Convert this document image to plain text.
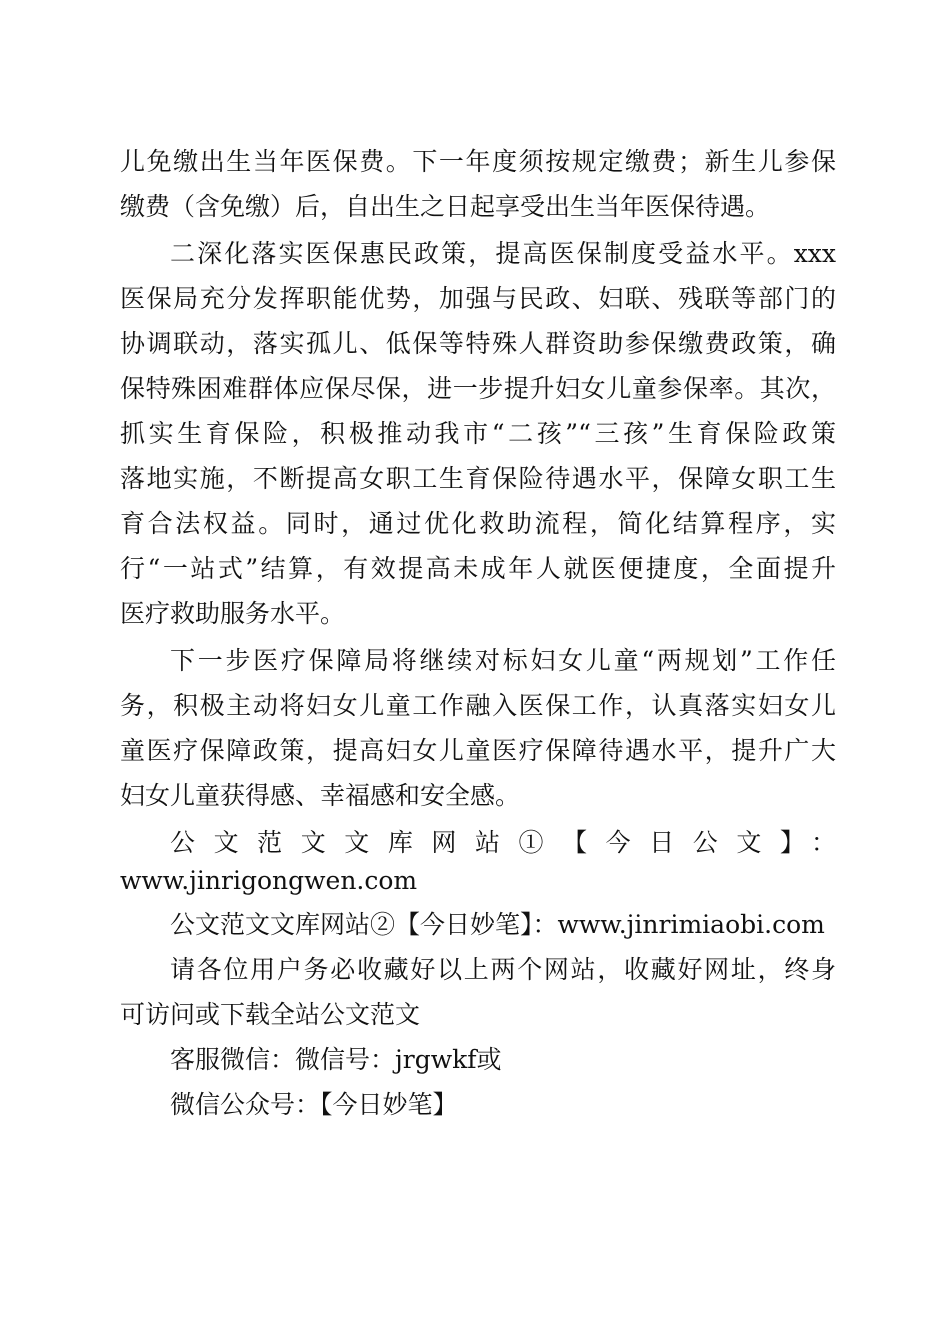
儿免缴出生当年医保费。下一年度须按规定缴费；新生儿参保
缴费（含免缴）后，自出生之日起享受出生当年医保待遇。
二深化落实医保惠民政策，提高医保制度受益水平。xxx
医保局充分发挥职能优势，加强与民政、妇联、残联等部门的
协调联动，落实孤儿、低保等特殊人群资助参保缴费政策，确
保特殊困难群体应保尽保，进一步提升妇女儿童参保率。其次，
抓实生育保险，积极推动我市“二孩”“三孩”生育保险政策
落地实施，不断提高女职工生育保险待遇水平，保障女职工生
育合法权益。同时，通过优化救助流程，简化结算程序，实
行“一站式”结算，有效提高未成年人就医便捷度，全面提升
医疗救助服务水平。
下一步医疗保障局将继续对标妇女儿童“两规划”工作任
务，积极主动将妇女儿童工作融入医保工作，认真落实妇女儿
童医疗保障政策，提高妇女儿童医疗保障待遇水平，提升广大
妇女儿童获得感、幸福感和安全感。
公文范文文库网站①【今日公文】：
www.jinrigongwen.com
公文范文文库网站②【今日妙笔】：www.jinrimiaobi.com
请各位用户务必收藏好以上两个网站，收藏好网址，终身
可访问或下载全站公文范文
客服微信：微信号：jrgwkf或
微信公众号：【今日妙笔】
